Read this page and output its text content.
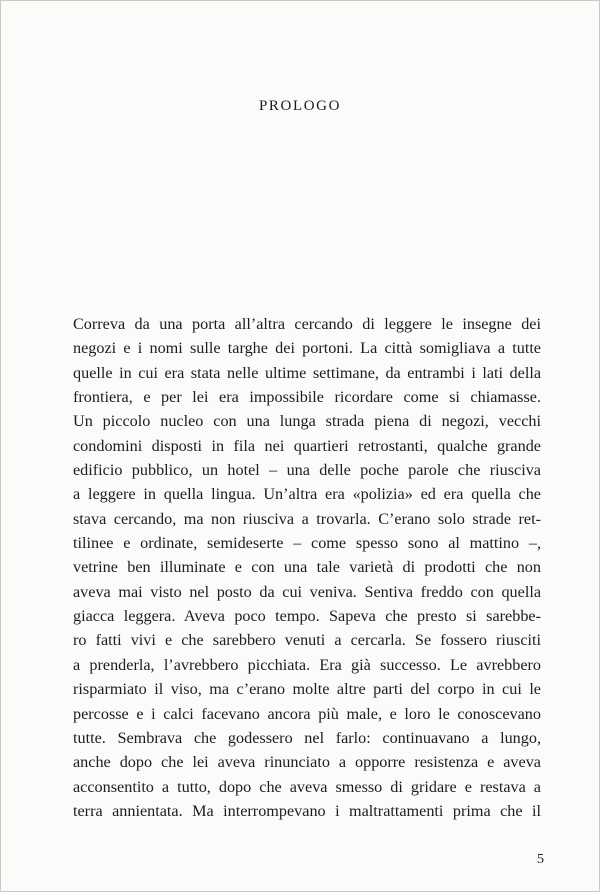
PROLOGO
Correva da una porta all’altra cercando di leggere le insegne dei
negozi e i nomi sulle targhe dei portoni. La città somigliava a tutte
quelle in cui era stata nelle ultime settimane, da entrambi i lati della
frontiera, e per lei era impossibile ricordare come si chiamasse.
Un piccolo nucleo con una lunga strada piena di negozi, vecchi
condomini disposti in fila nei quartieri retrostanti, qualche grande
edificio pubblico, un hotel – una delle poche parole che riusciva
a leggere in quella lingua. Un’altra era «polizia» ed era quella che
stava cercando, ma non riusciva a trovarla. C’erano solo strade ret-
tilinee e ordinate, semideserte – come spesso sono al mattino –,
vetrine ben illuminate e con una tale varietà di prodotti che non
aveva mai visto nel posto da cui veniva. Sentiva freddo con quella
giacca leggera. Aveva poco tempo. Sapeva che presto si sarebbe-
ro fatti vivi e che sarebbero venuti a cercarla. Se fossero riusciti
a prenderla, l’avrebbero picchiata. Era già successo. Le avrebbero
risparmiato il viso, ma c’erano molte altre parti del corpo in cui le
percosse e i calci facevano ancora più male, e loro le conoscevano
tutte. Sembrava che godessero nel farlo: continuavano a lungo,
anche dopo che lei aveva rinunciato a opporre resistenza e aveva
acconsentito a tutto, dopo che aveva smesso di gridare e restava a
terra annientata. Ma interrompevano i maltrattamenti prima che il
5
